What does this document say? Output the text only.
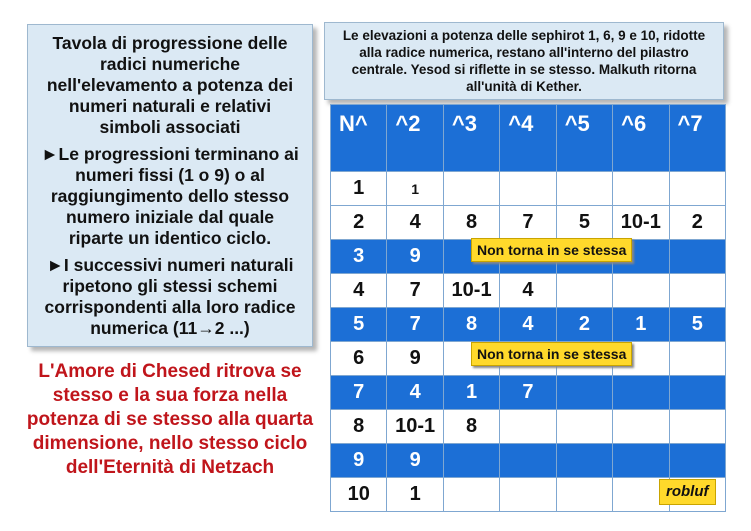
Tavola di progressione delle radici numeriche nell'elevamento a potenza dei numeri naturali e relativi simboli associati
►Le progressioni terminano ai numeri fissi (1 o 9) o al raggiungimento dello stesso numero iniziale dal quale riparte un identico ciclo.
►I successivi numeri naturali ripetono gli stessi schemi corrispondenti alla loro radice numerica (11→2 ...)
L'Amore di Chesed ritrova se stesso e la sua forza nella potenza di se stesso alla quarta dimensione, nello stesso ciclo dell'Eternità di Netzach
Le elevazioni a potenza delle sephirot 1, 6, 9 e 10, ridotte alla radice numerica, restano all'interno del pilastro centrale. Yesod si riflette in se stesso. Malkuth ritorna all'unità di Kether.
N^	^2	^3	^4	^5	^6	^7
1	1					
2	4	8	7	5	10-1	2
3	9					
4	7	10-1	4			
5	7	8	4	2	1	5
6	9					
7	4	1	7			
8	10-1	8				
9	9					
10	1					
Non torna in se stessa
Non torna in se stessa
robluf
